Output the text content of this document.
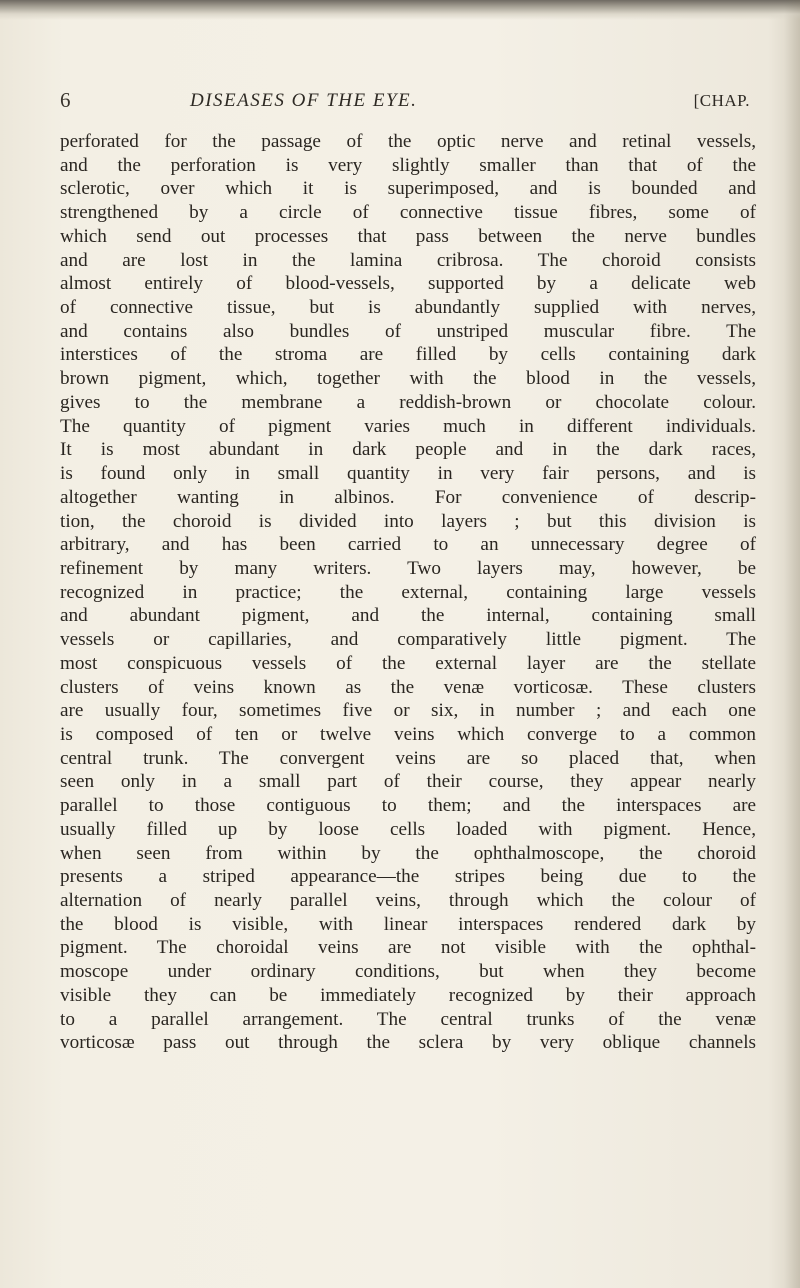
6	DISEASES OF THE EYE.	[CHAP.
perforated for the passage of the optic nerve and retinal vessels,
and the perforation is very slightly smaller than that of the
sclerotic, over which it is superimposed, and is bounded and
strengthened by a circle of connective tissue fibres, some of
which send out processes that pass between the nerve bundles
and are lost in the lamina cribrosa. The choroid consists
almost entirely of blood-vessels, supported by a delicate web
of connective tissue, but is abundantly supplied with nerves,
and contains also bundles of unstriped muscular fibre. The
interstices of the stroma are filled by cells containing dark
brown pigment, which, together with the blood in the vessels,
gives to the membrane a reddish-brown or chocolate colour.
The quantity of pigment varies much in different individuals.
It is most abundant in dark people and in the dark races,
is found only in small quantity in very fair persons, and is
altogether wanting in albinos. For convenience of descrip-
tion, the choroid is divided into layers ; but this division is
arbitrary, and has been carried to an unnecessary degree of
refinement by many writers. Two layers may, however, be
recognized in practice; the external, containing large vessels
and abundant pigment, and the internal, containing small
vessels or capillaries, and comparatively little pigment. The
most conspicuous vessels of the external layer are the stellate
clusters of veins known as the venæ vorticosæ. These clusters
are usually four, sometimes five or six, in number ; and each one
is composed of ten or twelve veins which converge to a common
central trunk. The convergent veins are so placed that, when
seen only in a small part of their course, they appear nearly
parallel to those contiguous to them; and the interspaces are
usually filled up by loose cells loaded with pigment. Hence,
when seen from within by the ophthalmoscope, the choroid
presents a striped appearance—the stripes being due to the
alternation of nearly parallel veins, through which the colour of
the blood is visible, with linear interspaces rendered dark by
pigment. The choroidal veins are not visible with the ophthal-
moscope under ordinary conditions, but when they become
visible they can be immediately recognized by their approach
to a parallel arrangement. The central trunks of the venæ
vorticosæ pass out through the sclera by very oblique channels
